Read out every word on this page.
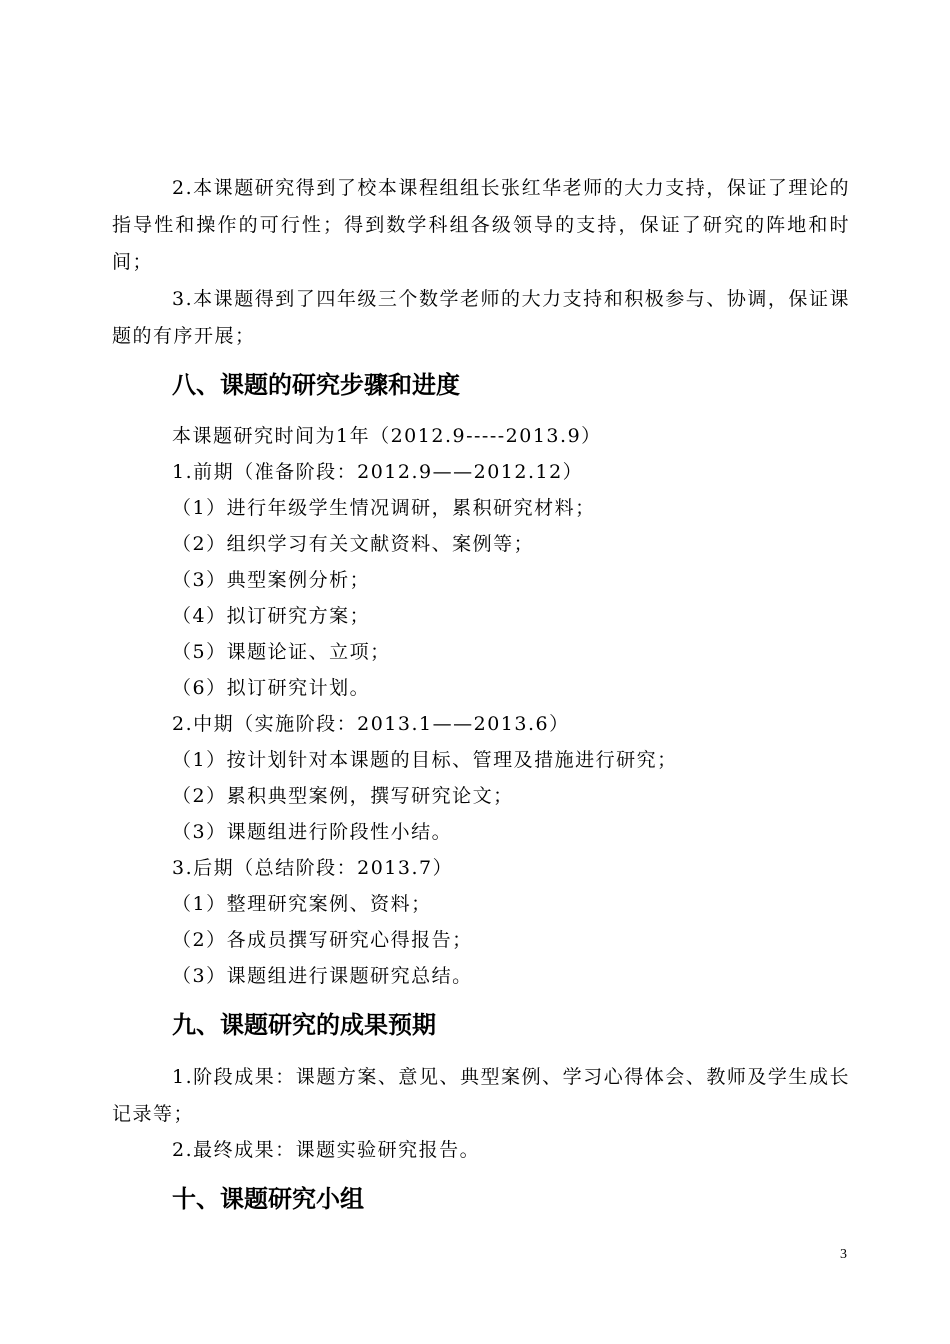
2.本课题研究得到了校本课程组组长张红华老师的大力支持，保证了理论的指导性和操作的可行性；得到数学科组各级领导的支持，保证了研究的阵地和时间；

3.本课题得到了四年级三个数学老师的大力支持和积极参与、协调，保证课题的有序开展；

八、课题的研究步骤和进度
本课题研究时间为1年（2012.9-----2013.9）
1.前期（准备阶段：2012.9——2012.12）
（1）进行年级学生情况调研，累积研究材料；
（2）组织学习有关文献资料、案例等；
（3）典型案例分析；
（4）拟订研究方案；
（5）课题论证、立项；
（6）拟订研究计划。
2.中期（实施阶段：2013.1——2013.6）
（1）按计划针对本课题的目标、管理及措施进行研究；
（2）累积典型案例，撰写研究论文；
（3）课题组进行阶段性小结。
3.后期（总结阶段：2013.7）
（1）整理研究案例、资料；
（2）各成员撰写研究心得报告；
（3）课题组进行课题研究总结。
九、课题研究的成果预期

1.阶段成果：课题方案、意见、典型案例、学习心得体会、教师及学生成长记录等；

2.最终成果：课题实验研究报告。

十、课题研究小组
3
